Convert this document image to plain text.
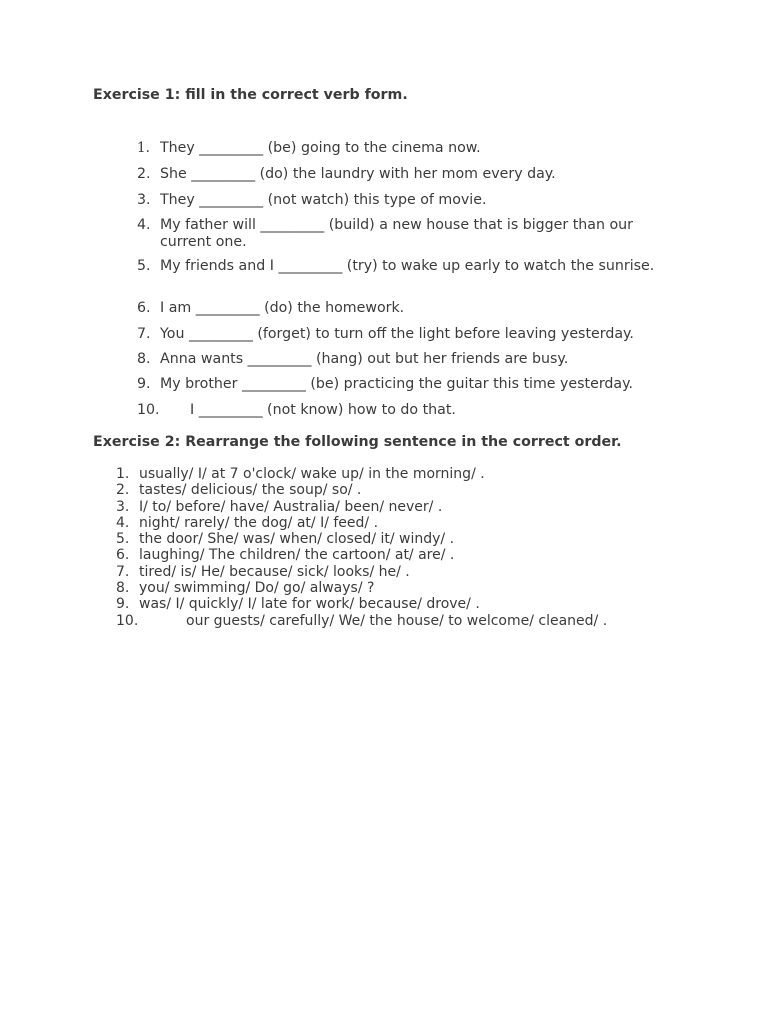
Exercise 1: fill in the correct verb form.
1. They _________ (be) going to the cinema now.
2. She _________ (do) the laundry with her mom every day.
3. They _________ (not watch) this type of movie.
4. My father will _________ (build) a new house that is bigger than our current one.
5. My friends and I _________ (try) to wake up early to watch the sunrise.
6. I am _________ (do) the homework.
7. You _________ (forget) to turn off the light before leaving yesterday.
8. Anna wants _________ (hang) out but her friends are busy.
9. My brother _________ (be) practicing the guitar this time yesterday.
10. I _________ (not know) how to do that.
Exercise 2: Rearrange the following sentence in the correct order.
1. usually/ I/ at 7 o'clock/ wake up/ in the morning/ .
2. tastes/ delicious/ the soup/ so/ .
3. I/ to/ before/ have/ Australia/ been/ never/ .
4. night/ rarely/ the dog/ at/ I/ feed/ .
5. the door/ She/ was/ when/ closed/ it/ windy/ .
6. laughing/ The children/ the cartoon/ at/ are/ .
7. tired/ is/ He/ because/ sick/ looks/ he/ .
8. you/ swimming/ Do/ go/ always/ ?
9. was/ I/ quickly/ I/ late for work/ because/ drove/ .
10.	our guests/ carefully/ We/ the house/ to welcome/ cleaned/ .
